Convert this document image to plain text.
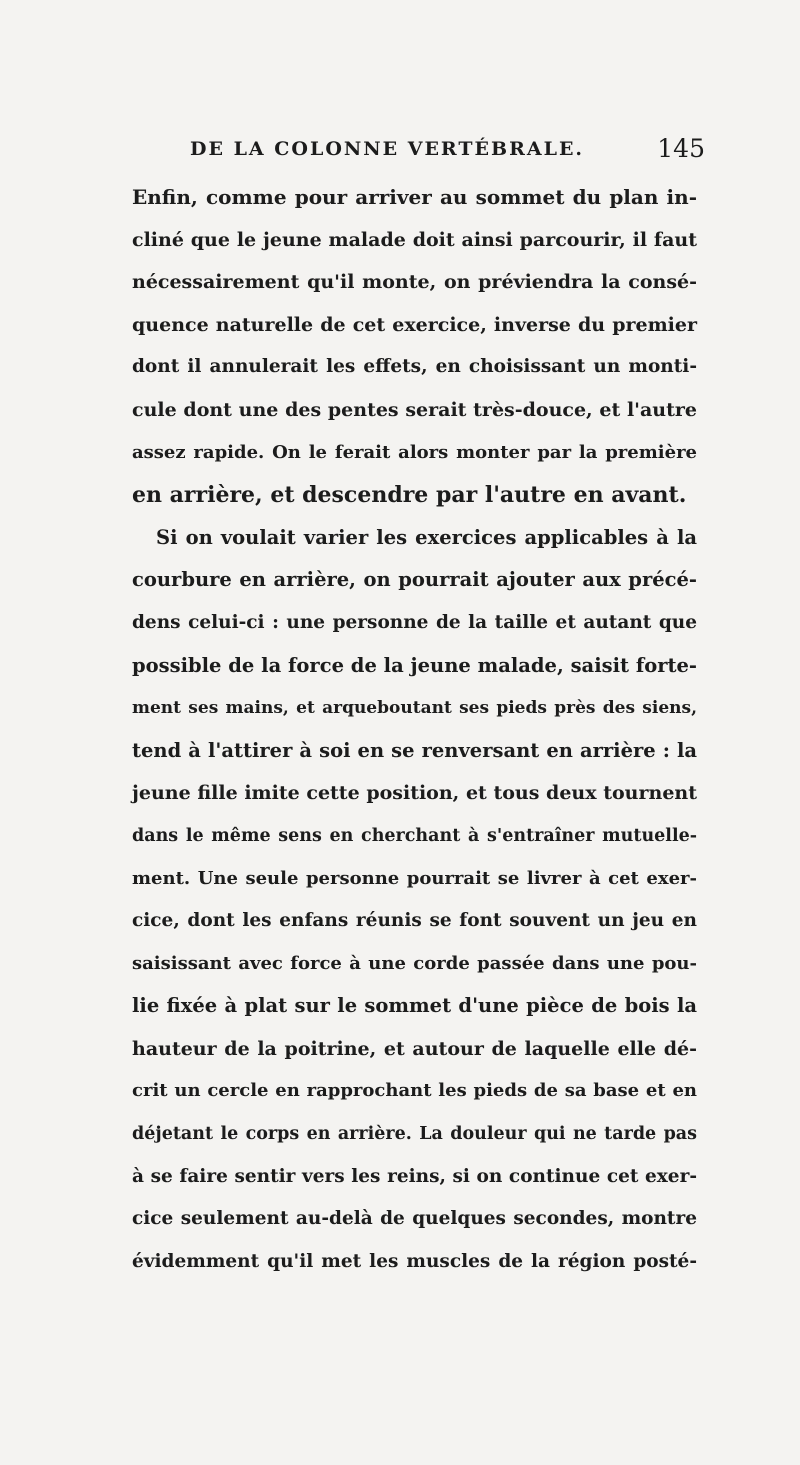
DE LA COLONNE VERTÉBRALE.	145
Enfin, comme pour arriver au sommet du plan in-
cliné que le jeune malade doit ainsi parcourir, il faut
nécessairement qu'il monte, on préviendra la consé-
quence naturelle de cet exercice, inverse du premier
dont il annulerait les effets, en choisissant un monti-
cule dont une des pentes serait très-douce, et l'autre
assez rapide. On le ferait alors monter par la première
en arrière, et descendre par l'autre en avant.
Si on voulait varier les exercices applicables à la
courbure en arrière, on pourrait ajouter aux précé-
dens celui-ci : une personne de la taille et autant que
possible de la force de la jeune malade, saisit forte-
ment ses mains, et arqueboutant ses pieds près des siens,
tend à l'attirer à soi en se renversant en arrière : la
jeune fille imite cette position, et tous deux tournent
dans le même sens en cherchant à s'entraîner mutuelle-
ment. Une seule personne pourrait se livrer à cet exer-
cice, dont les enfans réunis se font souvent un jeu en
saisissant avec force à une corde passée dans une pou-
lie fixée à plat sur le sommet d'une pièce de bois la
hauteur de la poitrine, et autour de laquelle elle dé-
crit un cercle en rapprochant les pieds de sa base et en
déjetant le corps en arrière. La douleur qui ne tarde pas
à se faire sentir vers les reins, si on continue cet exer-
cice seulement au-delà de quelques secondes, montre
évidemment qu'il met les muscles de la région posté-
